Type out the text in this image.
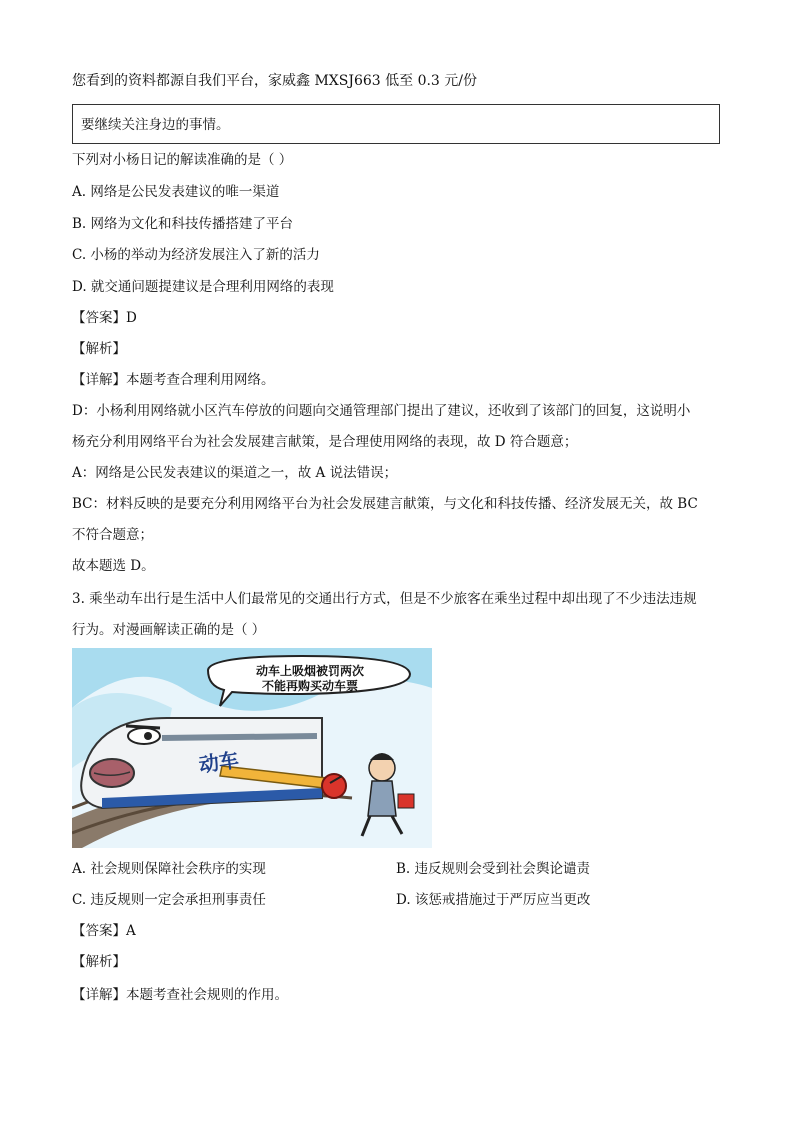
您看到的资料都源自我们平台，家威鑫 MXSJ663 低至 0.3 元/份
要继续关注身边的事情。
下列对小杨日记的解读准确的是（ ）
A. 网络是公民发表建议的唯一渠道
B. 网络为文化和科技传播搭建了平台
C. 小杨的举动为经济发展注入了新的活力
D. 就交通问题提建议是合理利用网络的表现
【答案】D
【解析】
【详解】本题考查合理利用网络。
D：小杨利用网络就小区汽车停放的问题向交通管理部门提出了建议，还收到了该部门的回复，这说明小
杨充分利用网络平台为社会发展建言献策，是合理使用网络的表现，故 D 符合题意；
A：网络是公民发表建议的渠道之一，故 A 说法错误；
BC：材料反映的是要充分利用网络平台为社会发展建言献策，与文化和科技传播、经济发展无关，故 BC
不符合题意；
故本题选 D。
3. 乘坐动车出行是生活中人们最常见的交通出行方式，但是不少旅客在乘坐过程中却出现了不少违法违规
行为。对漫画解读正确的是（ ）
动车上吸烟被罚两次
不能再购买动车票
动车
A. 社会规则保障社会秩序的实现	B. 违反规则会受到社会舆论谴责
C. 违反规则一定会承担刑事责任	D. 该惩戒措施过于严厉应当更改
【答案】A
【解析】
【详解】本题考查社会规则的作用。
